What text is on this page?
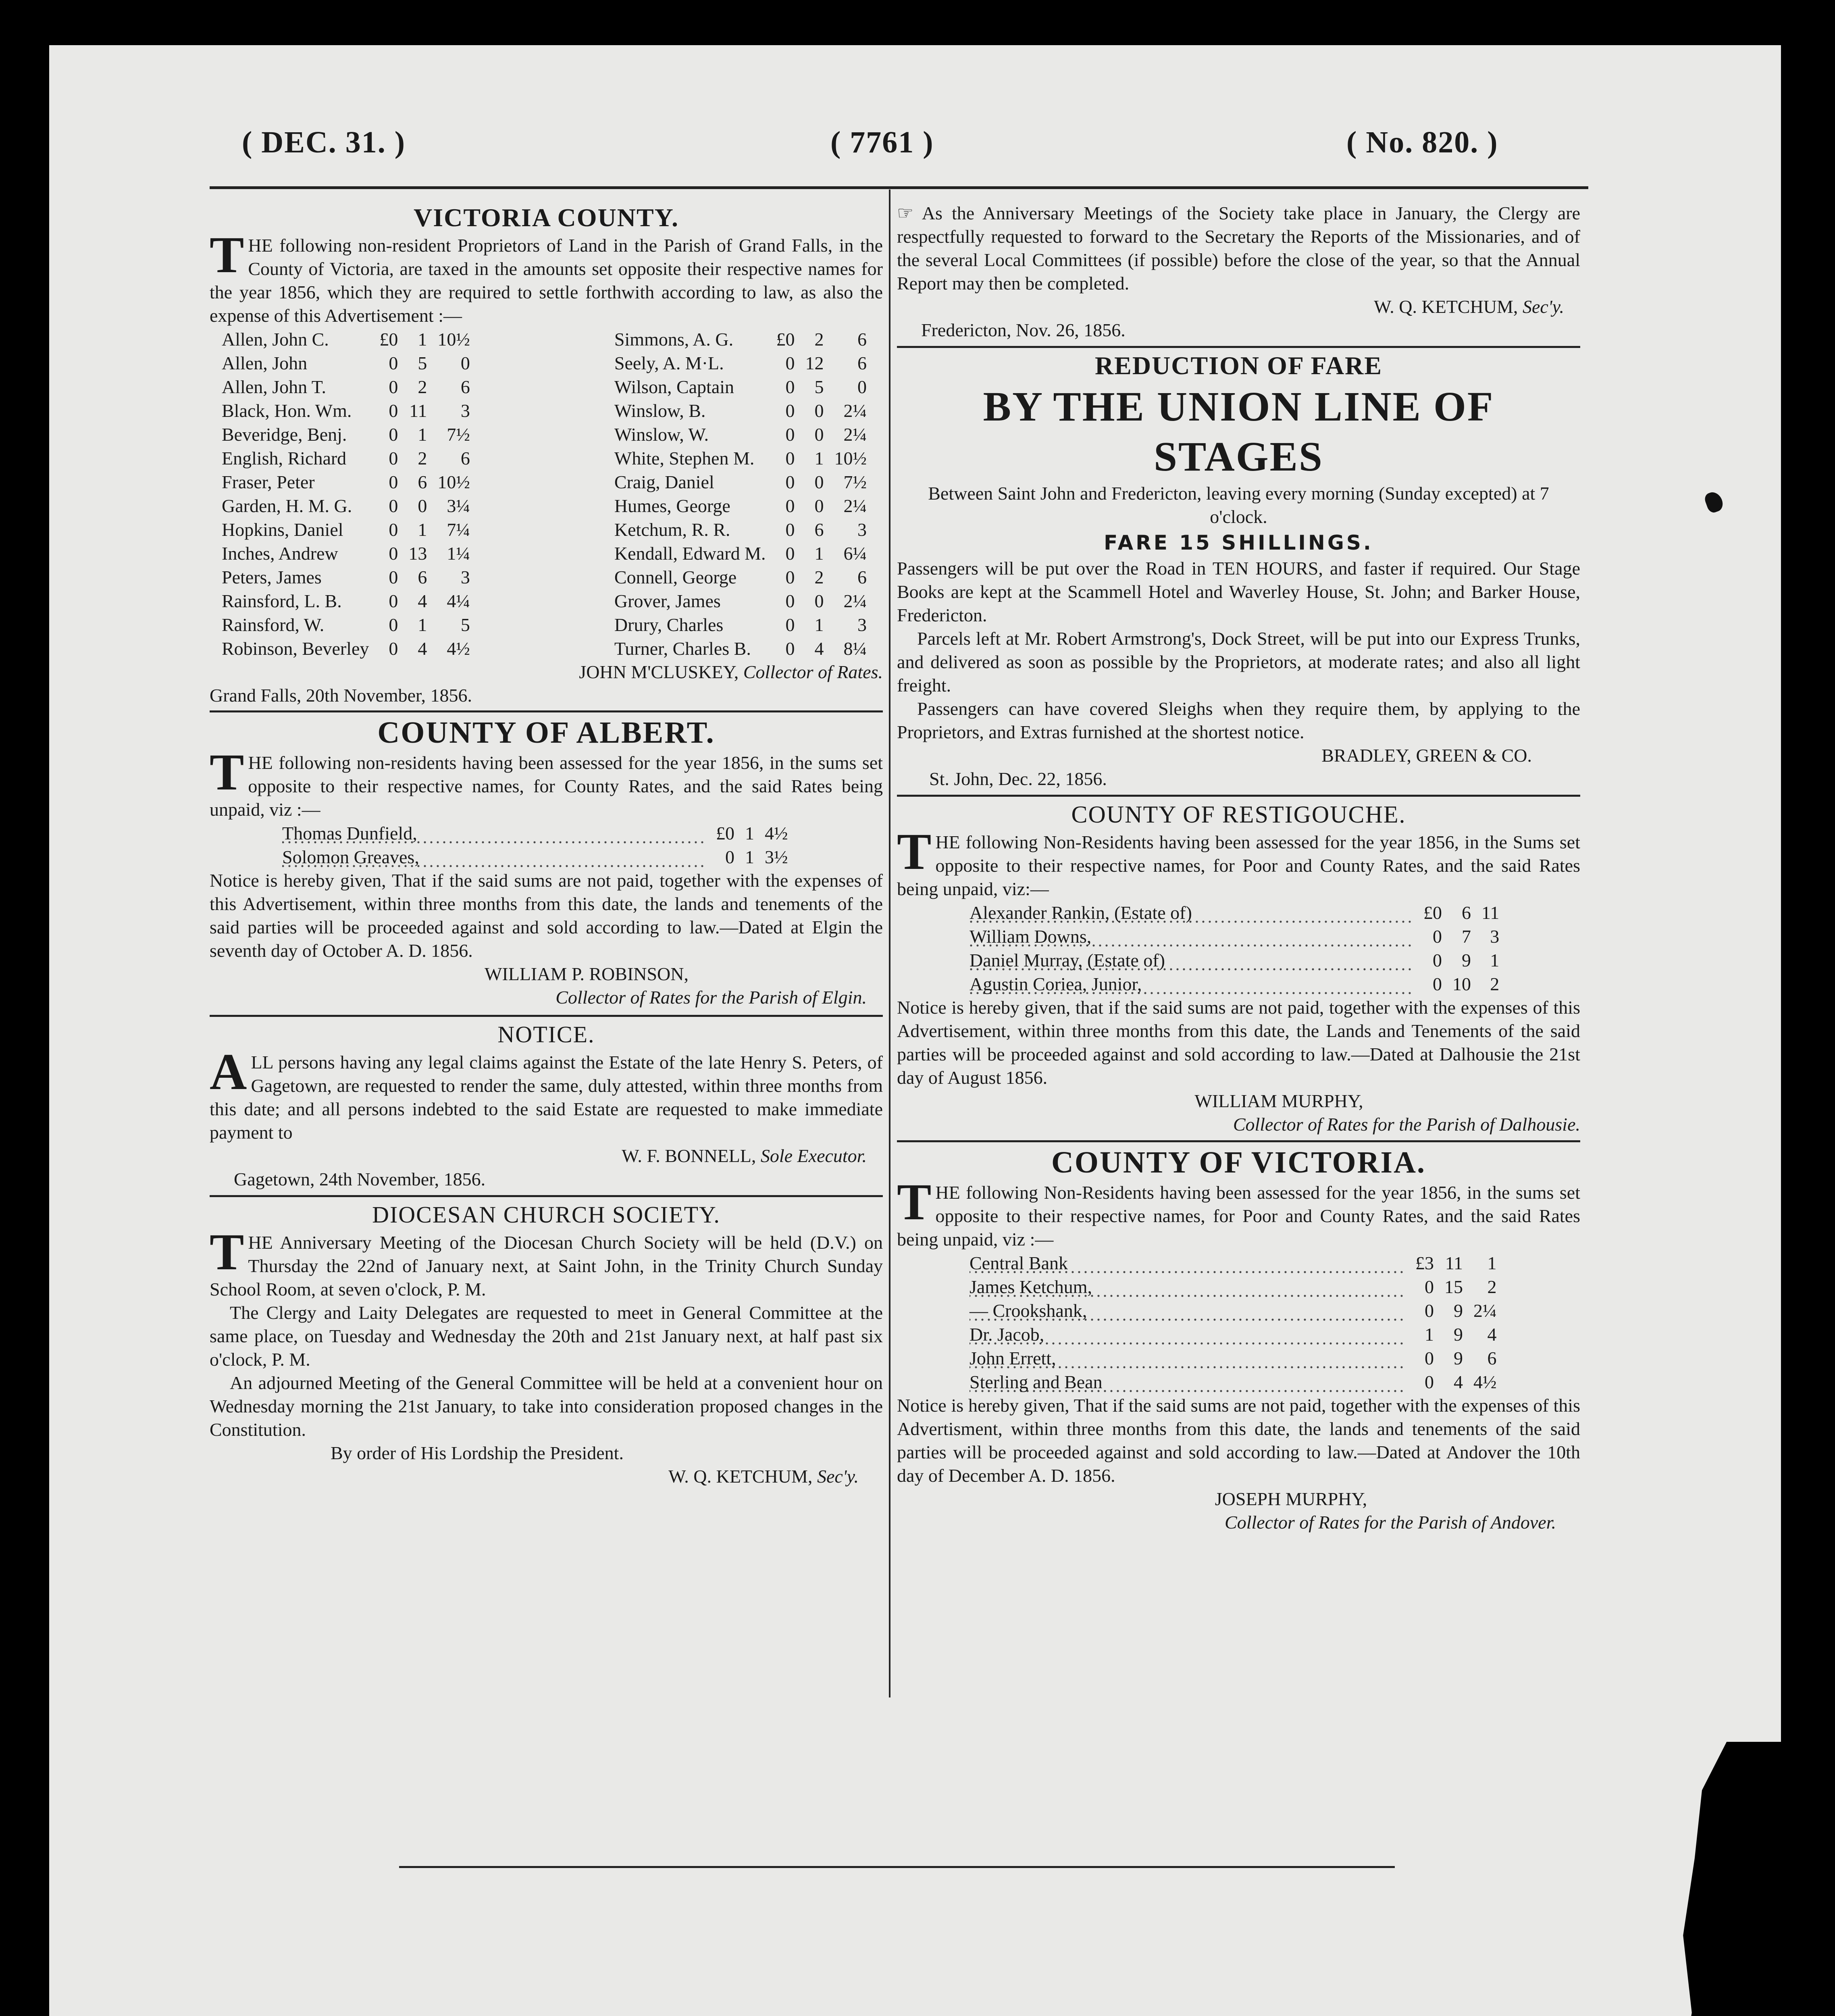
( DEC. 31. )	( 7761 )	( No. 820. )
VICTORIA COUNTY.

THE following non-resident Proprietors of Land in the Parish of Grand Falls, in the County of Victoria, are taxed in the amounts set opposite their respective names for the year 1856, which they are required to settle forthwith according to law, as also the expense of this Advertisement :—

Allen, John C.	£0	1	10½
Allen, John	0	5	0
Allen, John T.	0	2	6
Black, Hon. Wm.	0	11	3
Beveridge, Benj.	0	1	7½
English, Richard	0	2	6
Fraser, Peter	0	6	10½
Garden, H. M. G.	0	0	3¼
Hopkins, Daniel	0	1	7¼
Inches, Andrew	0	13	1¼
Peters, James	0	6	3
Rainsford, L. B.	0	4	4¼
Rainsford, W.	0	1	5
Robinson, Beverley	0	4	4½
Simmons, A. G.	£0	2	6
Seely, A. M·L.	0	12	6
Wilson, Captain	0	5	0
Winslow, B.	0	0	2¼
Winslow, W.	0	0	2¼
White, Stephen M.	0	1	10½
Craig, Daniel	0	0	7½
Humes, George	0	0	2¼
Ketchum, R. R.	0	6	3
Kendall, Edward M.	0	1	6¼
Connell, George	0	2	6
Grover, James	0	0	2¼
Drury, Charles	0	1	3
Turner, Charles B.	0	4	8¼
JOHN M'CLUSKEY, Collector of Rates.
Grand Falls, 20th November, 1856.
COUNTY OF ALBERT.

THE following non-residents having been assessed for the year 1856, in the sums set opposite to their respective names, for County Rates, and the said Rates being unpaid, viz :—

Thomas Dunfield,	£0	1	4½
Solomon Greaves,	0	1	3½

Notice is hereby given, That if the said sums are not paid, together with the expenses of this Advertisement, within three months from this date, the lands and tenements of the said parties will be proceeded against and sold according to law.—Dated at Elgin the seventh day of October A. D. 1856.

WILLIAM P. ROBINSON,
Collector of Rates for the Parish of Elgin.
NOTICE.

ALL persons having any legal claims against the Estate of the late Henry S. Peters, of Gagetown, are requested to render the same, duly attested, within three months from this date; and all persons indebted to the said Estate are requested to make immediate payment to

W. F. BONNELL, Sole Executor.
Gagetown, 24th November, 1856.
DIOCESAN CHURCH SOCIETY.

THE Anniversary Meeting of the Diocesan Church Society will be held (D.V.) on Thursday the 22nd of January next, at Saint John, in the Trinity Church Sunday School Room, at seven o'clock, P. M.

The Clergy and Laity Delegates are requested to meet in General Committee at the same place, on Tuesday and Wednesday the 20th and 21st January next, at half past six o'clock, P. M.

An adjourned Meeting of the General Committee will be held at a convenient hour on Wednesday morning the 21st January, to take into consideration proposed changes in the Constitution.

By order of His Lordship the President.
W. Q. KETCHUM, Sec'y.

☞ As the Anniversary Meetings of the Society take place in January, the Clergy are respectfully requested to forward to the Secretary the Reports of the Missionaries, and of the several Local Committees (if possible) before the close of the year, so that the Annual Report may then be completed.

W. Q. KETCHUM, Sec'y.
Fredericton, Nov. 26, 1856.
REDUCTION OF FARE
BY THE UNION LINE OF STAGES

Between Saint John and Fredericton, leaving every morning (Sunday excepted) at 7 o'clock.

FARE 15 SHILLINGS.

Passengers will be put over the Road in TEN HOURS, and faster if required. Our Stage Books are kept at the Scammell Hotel and Waverley House, St. John; and Barker House, Fredericton.

Parcels left at Mr. Robert Armstrong's, Dock Street, will be put into our Express Trunks, and delivered as soon as possible by the Proprietors, at moderate rates; and also all light freight.

Passengers can have covered Sleighs when they require them, by applying to the Proprietors, and Extras furnished at the shortest notice.

BRADLEY, GREEN & CO.
St. John, Dec. 22, 1856.
COUNTY OF RESTIGOUCHE.

THE following Non-Residents having been assessed for the year 1856, in the Sums set opposite to their respective names, for Poor and County Rates, and the said Rates being unpaid, viz:—

Alexander Rankin, (Estate of)	£0	6	11
William Downs,	0	7	3
Daniel Murray, (Estate of)	0	9	1
Agustin Coriea, Junior,	0	10	2

Notice is hereby given, that if the said sums are not paid, together with the expenses of this Advertisement, within three months from this date, the Lands and Tenements of the said parties will be proceeded against and sold according to law.—Dated at Dalhousie the 21st day of August 1856.

WILLIAM MURPHY,
Collector of Rates for the Parish of Dalhousie.
COUNTY OF VICTORIA.

THE following Non-Residents having been assessed for the year 1856, in the sums set opposite to their respective names, for Poor and County Rates, and the said Rates being unpaid, viz :—

Central Bank	£3	11	1
James Ketchum,	0	15	2
— Crookshank,	0	9	2¼
Dr. Jacob,	1	9	4
John Errett,	0	9	6
Sterling and Bean	0	4	4½

Notice is hereby given, That if the said sums are not paid, together with the expenses of this Advertisment, within three months from this date, the lands and tenements of the said parties will be proceeded against and sold according to law.—Dated at Andover the 10th day of December A. D. 1856.

JOSEPH MURPHY,
Collector of Rates for the Parish of Andover.
